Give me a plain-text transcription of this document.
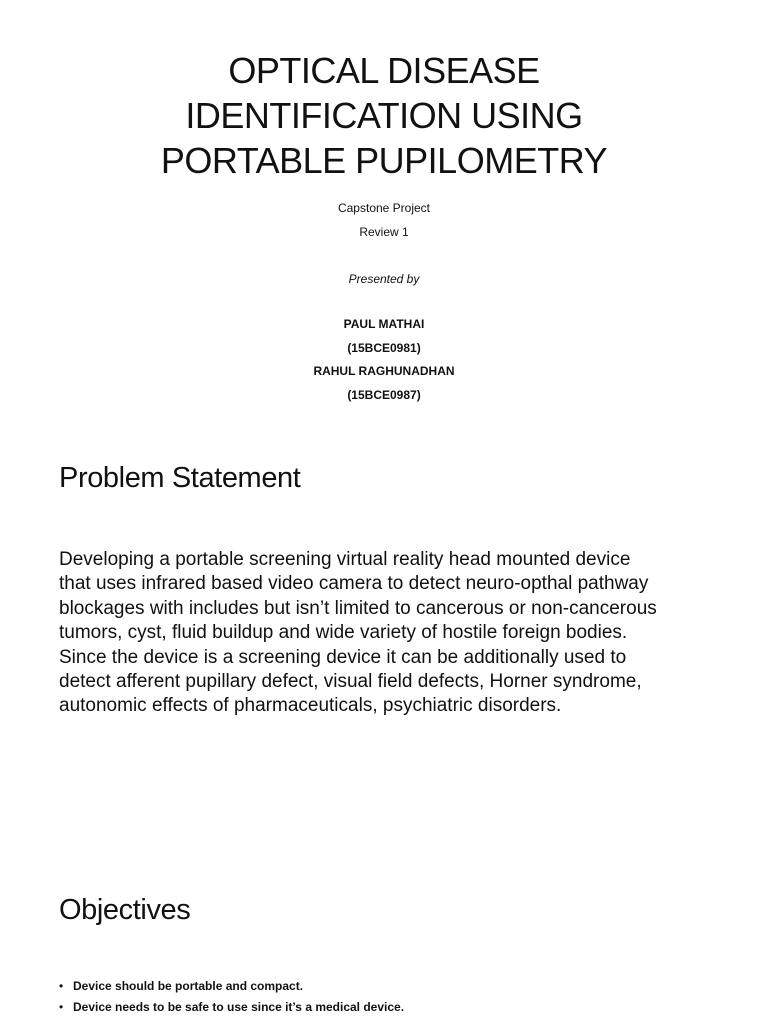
OPTICAL DISEASE
IDENTIFICATION USING
PORTABLE PUPILOMETRY
Capstone Project
Review 1
Presented by
PAUL MATHAI
(15BCE0981)
RAHUL RAGHUNADHAN
(15BCE0987)
Problem Statement

Developing a portable screening virtual reality head mounted device
that uses infrared based video camera to detect neuro-opthal pathway
blockages with includes but isn’t limited to cancerous or non-cancerous
tumors, cyst, fluid buildup and wide variety of hostile foreign bodies.
Since the device is a screening device it can be additionally used to
detect afferent pupillary defect, visual field defects, Horner syndrome,
autonomic effects of pharmaceuticals, psychiatric disorders.

Objectives
• Device should be portable and compact.
• Device needs to be safe to use since it’s a medical device.
